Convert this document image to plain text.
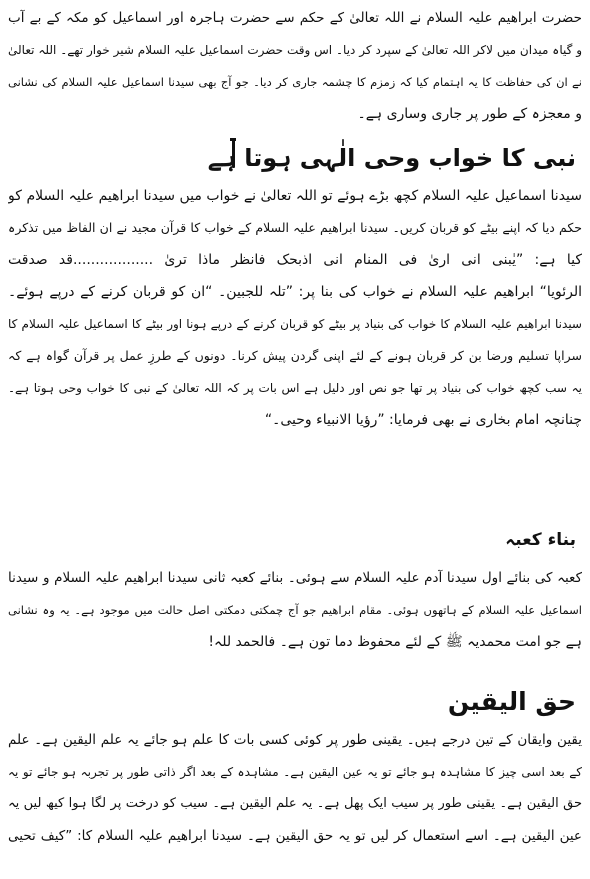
حضرت ابراھیم علیہ السلام نے اللہ تعالیٰ کے حکم سے حضرت ہاجرہ اور اسماعیل کو مکہ کے بے آب
و گیاہ میدان میں لاکر اللہ تعالیٰ کے سپرد کر دیا۔ اس وقت حضرت اسماعیل علیہ السلام شیر خوار تھے۔ اللہ تعالیٰ
نے ان کی حفاظت کا یہ اہتمام کیا کہ زمزم کا چشمہ جاری کر دیا۔ جو آج بھی سیدنا اسماعیل علیہ السلام کی نشانی
و معجزہ کے طور پر جاری وساری ہے۔
نبی کا خواب وحی الٰہی ہوتا ہے
سیدنا اسماعیل علیہ السلام کچھ بڑے ہوئے تو اللہ تعالیٰ نے خواب میں سیدنا ابراھیم علیہ السلام کو
حکم دیا کہ اپنے بیٹے کو قربان کریں۔ سیدنا ابراھیم علیہ السلام کے خواب کا قرآن مجید نے ان الفاظ میں تذکرہ
کیا ہے: ”یٰبنی انی اریٰ فی المنام انی اذبحک فانظر ماذا تریٰ ..................قد صدقت
الرئویا“ ابراھیم علیہ السلام نے خواب کی بنا پر: ”تلہ للجبین۔ “ان کو قربان کرنے کے درپے ہوئے۔
سیدنا ابراھیم علیہ السلام کا خواب کی بنیاد پر بیٹے کو قربان کرنے کے درپے ہونا اور بیٹے کا اسماعیل علیہ السلام کا
سراپا تسلیم ورضا بن کر قربان ہونے کے لئے اپنی گردن پیش کرنا۔ دونوں کے طرزِ عمل پر قرآن گواہ ہے کہ
یہ سب کچھ خواب کی بنیاد پر تھا جو نص اور دلیل ہے اس بات پر کہ اللہ تعالیٰ کے نبی کا خواب وحی ہوتا ہے۔
چنانچہ امام بخاری نے بھی فرمایا: ”رؤیا الانبیاء وحیی۔“
بناء کعبہ
کعبہ کی بنائے اول سیدنا آدم علیہ السلام سے ہوئی۔ بنائے کعبہ ثانی سیدنا ابراھیم علیہ السلام و سیدنا
اسماعیل علیہ السلام کے ہاتھوں ہوئی۔ مقام ابراھیم جو آج چمکتی دمکتی اصل حالت میں موجود ہے۔ یہ وہ نشانی
ہے جو امت محمدیہ ﷺ کے لئے محفوظ دما تون ہے۔ فالحمد للہ!
حق الیقین
یقین وایقان کے تین درجے ہیں۔ یقینی طور پر کوئی کسی بات کا علم ہو جائے یہ علم الیقین ہے۔ علم
کے بعد اسی چیز کا مشاہدہ ہو جائے تو یہ عین الیقین ہے۔ مشاہدہ کے بعد اگر ذاتی طور پر تجربہ ہو جائے تو یہ
حق الیقین ہے۔ یقینی طور پر سیب ایک پھل ہے۔ یہ علم الیقین ہے۔ سیب کو درخت پر لگا ہوا کیھ لیں یہ
عین الیقین ہے۔ اسے استعمال کر لیں تو یہ حق الیقین ہے۔ سیدنا ابراھیم علیہ السلام کا: ”کیف تحیی
